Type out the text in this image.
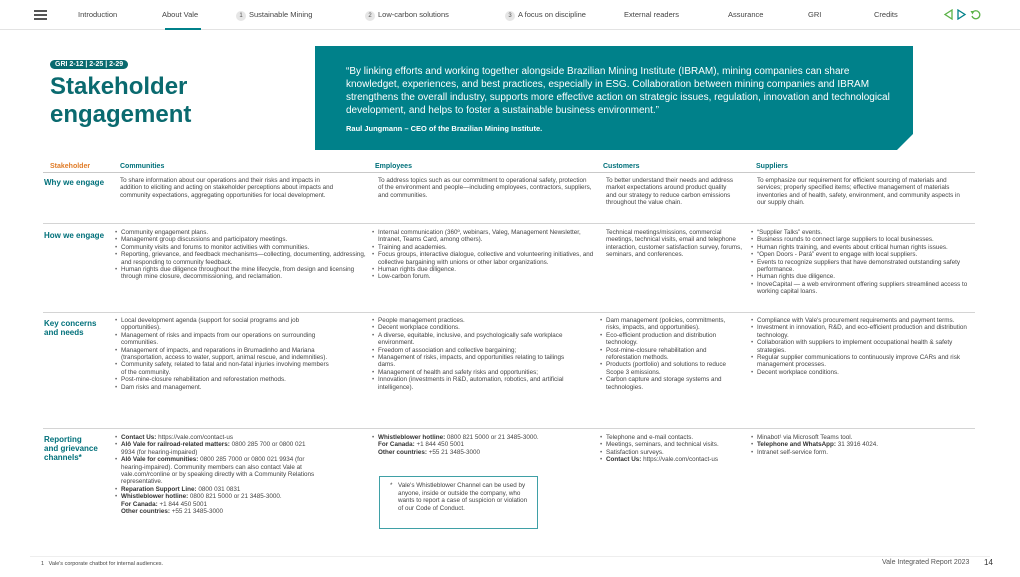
Introduction	About Vale	1 Sustainable Mining	2 Low-carbon solutions	3 A focus on discipline	External readers	Assurance	GRI	Credits
GRI 2-12 | 2-25 | 2-29
Stakeholder
engagement
“By linking efforts and working together alongside Brazilian Mining Institute (IBRAM), mining companies can share knowledget, experiences, and best practices, especially in ESG. Collaboration between mining companies and IBRAM strengthens the overall industry, supports more effective action on strategic issues, regulation, innovation and technological development, and helps to foster a sustainable business environment.”
Raul Jungmann – CEO of the Brazilian Mining Institute.
Stakeholder	Communities	Employees	Customers	Suppliers
Why we engage	To share information about our operations and their risks and impacts in addition to eliciting and acting on stakeholder perceptions about impacts and community expectations, aggregating opportunities for local development.
To address topics such as our commitment to operational safety, protection of the environment and people—including employees, contractors, suppliers, and communities.
To better understand their needs and address market expectations around product quality and our strategy to reduce carbon emissions throughout the value chain.
To emphasize our requirement for efficient sourcing of materials and services; properly specified items; effective management of materials inventories and of health, safety, environment, and community aspects in our supply chain.
How we engage
•	Community engagement plans.
• Management group discussions and participatory meetings.
• Community visits and forums to monitor activities with communities.
• Reporting, grievance, and feedback mechanisms—collecting, documenting, addressing, and responding to community feedback.
• Human rights due diligence throughout the mine lifecycle, from design and licensing through mine closure, decommissioning, and reclamation.
• Internal communication (360º, webinars, Valeg, Management Newsletter, Intranet, Teams Card, among others).
• Training and academies.
• Focus groups, interactive dialogue, collective and volunteering initiatives, and collective bargaining with unions or other labor organizations.
• Human rights due diligence.
• Low-carbon forum.
Technical meetings/missions, commercial meetings, technical visits, email and telephone interaction, customer satisfaction survey, forums, seminars, and conferences.
• “Supplier Talks” events.
• Business rounds to connect large suppliers to local businesses.
• Human rights training, and events about critical human rights issues.
• “Open Doors - Pará” event to engage with local suppliers.
• Events to recognize suppliers that have demonstrated outstanding safety performance.
• Human rights due diligence.
• InoveCapital — a web environment offering suppliers streamlined access to working capital loans.
Key concerns
and needs
• Local development agenda (support for social programs and job opportunities).
• Management of risks and impacts from our operations on surrounding communities.
• Management of impacts, and reparations in Brumadinho and Mariana (transportation, access to water, support, animal rescue, and indemnities).
• Community safety, related to fatal and non-fatal injuries involving members of the community.
• Post-mine-closure rehabilitation and reforestation methods.
• Dam risks and management.
• People management practices.
• Decent workplace conditions.
• A diverse, equitable, inclusive, and psychologically safe workplace environment.
• Freedom of association and collective bargaining;
• Management of risks, impacts, and opportunities relating to tailings dams.
• Management of health and safety risks and opportunities;
• Innovation (investments in R&D, automation, robotics, and artificial intelligence).
• Dam management (policies, commitments, risks, impacts, and opportunities).
• Eco-efficient production and distribution technology.
• Post-mine-closure rehabilitation and reforestation methods.
• Products (portfolio) and solutions to reduce Scope 3 emissions.
• Carbon capture and storage systems and technologies.
• Compliance with Vale's procurement requirements and payment terms.
• Investment in innovation, R&D, and eco-efficient production and distribution technology.
• Collaboration with suppliers to implement occupational health & safety strategies.
• Regular supplier communications to continuously improve CARs and risk management processes.
• Decent workplace conditions.
Reporting
and grievance
channels*
• Contact Us: https://vale.com/contact-us
• Alô Vale for railroad-related matters: 0800 285 700 or 0800 021 9934 (for hearing-impaired)
• Alô Vale for communities: 0800 285 7000 or 0800 021 9934 (for hearing-impaired). Community members can also contact Vale at vale.com/rconline or by speaking directly with a Community Relations representative.
• Reparation Support Line: 0800 031 0831
• Whistleblower hotline: 0800 821 5000 or 21 3485-3000.
For Canada: +1 844 450 5001
Other countries: +55 21 3485-3000
• Whistleblower hotline: 0800 821 5000 or 21 3485-3000.
For Canada: +1 844 450 5001
Other countries: +55 21 3485-3000
• Telephone and e-mail contacts.
• Meetings, seminars, and technical visits.
• Satisfaction surveys.
• Contact Us: https://vale.com/contact-us
• Minabot¹ via Microsoft Teams tool.
• Telephone and WhatsApp: 31 3916 4024.
• Intranet self-service form.
* Vale's Whistleblower Channel can be used by anyone, inside or outside the company, who wants to report a case of suspicion or violation of our Code of Conduct.
1 Vale's corporate chatbot for internal audiences.	Vale Integrated Report 2023 14
